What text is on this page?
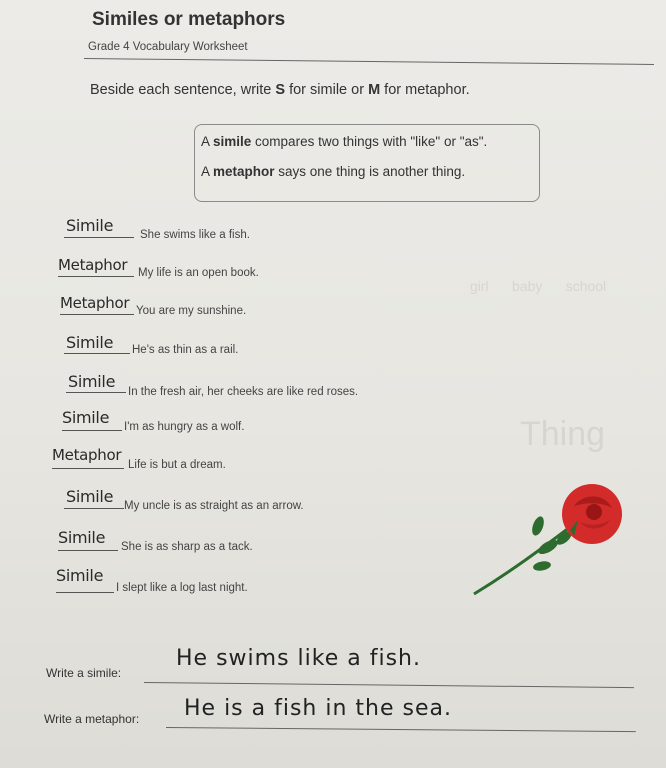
girl      baby      school
Thing
Similes or metaphors
Grade 4 Vocabulary Worksheet
Beside each sentence, write S for simile or M for metaphor.
A simile compares two things with "like" or "as".
A metaphor says one thing is another thing.
Simile She swims like a fish.
Metaphor My life is an open book.
Metaphor You are my sunshine.
Simile He's as thin as a rail.
Simile
In the fresh air, her cheeks are like red roses.
Simile I'm as hungry as a wolf.
Metaphor
Life is but a dream.
Simile My uncle is as straight as an arrow.
Simile She is as sharp as a tack.
Simile
I slept like a log last night.
Write a simile:
He swims like a fish.
Write a metaphor: He is a fish in the sea.
